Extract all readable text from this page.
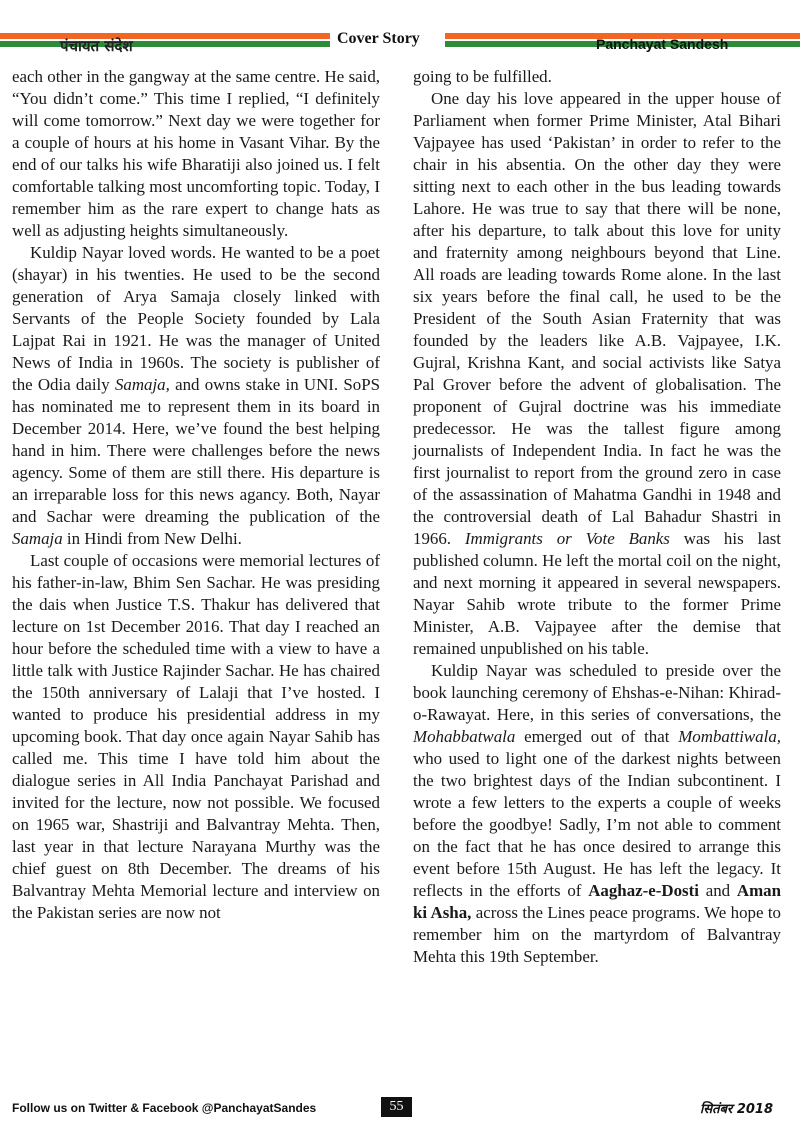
पंचायत संदेश	Cover Story	Panchayat Sandesh

each other in the gangway at the same centre. He said, “You didn’t come.” This time I replied, “I definitely will come tomorrow.” Next day we were together for a couple of hours at his home in Vasant Vihar. By the end of our talks his wife Bharatiji also joined us. I felt comfortable talking most uncomforting topic. Today, I remember him as the rare expert to change hats as well as adjusting heights simultaneously.

Kuldip Nayar loved words. He wanted to be a poet (shayar) in his twenties. He used to be the second generation of Arya Samaja closely linked with Servants of the People Society founded by Lala Lajpat Rai in 1921. He was the manager of United News of India in 1960s. The society is publisher of the Odia daily Samaja, and owns stake in UNI. SoPS has nominated me to represent them in its board in December 2014. Here, we’ve found the best helping hand in him. There were challenges before the news agency. Some of them are still there. His departure is an irreparable loss for this news agancy. Both, Nayar and Sachar were dreaming the publication of the Samaja in Hindi from New Delhi.

Last couple of occasions were memorial lectures of his father-in-law, Bhim Sen Sachar. He was presiding the dais when Justice T.S. Thakur has delivered that lecture on 1st December 2016. That day I reached an hour before the scheduled time with a view to have a little talk with Justice Rajinder Sachar. He has chaired the 150th anniversary of Lalaji that I’ve hosted. I wanted to produce his presidential address in my upcoming book. That day once again Nayar Sahib has called me. This time I have told him about the dialogue series in All India Panchayat Parishad and invited for the lecture, now not possible. We focused on 1965 war, Shastriji and Balvantray Mehta. Then, last year in that lecture Narayana Murthy was the chief guest on 8th December. The dreams of his Balvantray Mehta Memorial lecture and interview on the Pakistan series are now not

going to be fulfilled.

One day his love appeared in the upper house of Parliament when former Prime Minister, Atal Bihari Vajpayee has used ‘Pakistan’ in order to refer to the chair in his absentia. On the other day they were sitting next to each other in the bus leading towards Lahore. He was true to say that there will be none, after his departure, to talk about this love for unity and fraternity among neighbours beyond that Line. All roads are leading towards Rome alone. In the last six years before the final call, he used to be the President of the South Asian Fraternity that was founded by the leaders like A.B. Vajpayee, I.K. Gujral, Krishna Kant, and social activists like Satya Pal Grover before the advent of globalisation. The proponent of Gujral doctrine was his immediate predecessor. He was the tallest figure among journalists of Independent India. In fact he was the first journalist to report from the ground zero in case of the assassination of Mahatma Gandhi in 1948 and the controversial death of Lal Bahadur Shastri in 1966. Immigrants or Vote Banks was his last published column. He left the mortal coil on the night, and next morning it appeared in several newspapers. Nayar Sahib wrote tribute to the former Prime Minister, A.B. Vajpayee after the demise that remained unpublished on his table.

Kuldip Nayar was scheduled to preside over the book launching ceremony of Ehshas-e-Nihan: Khirad-o-Rawayat. Here, in this series of conversations, the Mohabbatwala emerged out of that Mombattiwala, who used to light one of the darkest nights between the two brightest days of the Indian subcontinent. I wrote a few letters to the experts a couple of weeks before the goodbye! Sadly, I’m not able to comment on the fact that he has once desired to arrange this event before 15th August. He has left the legacy. It reflects in the efforts of Aaghaz-e-Dosti and Aman ki Asha, across the Lines peace programs. We hope to remember him on the martyrdom of Balvantray Mehta this 19th September.

Follow us on Twitter & Facebook @PanchayatSandes	55	सितंबर 2018
